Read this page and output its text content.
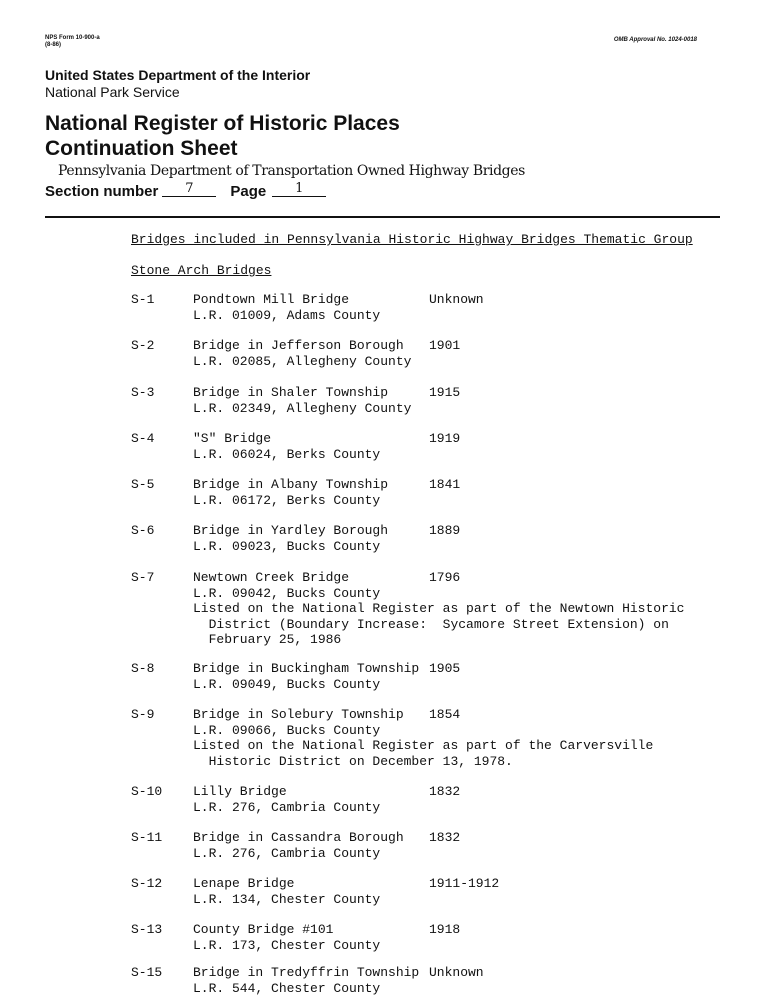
NPS Form 10-900-a
(8-86)
OMB Approval No. 1024-0018
United States Department of the Interior
National Park Service
National Register of Historic Places
Continuation Sheet
Pennsylvania Department of Transportation Owned Highway Bridges
Section number 7 Page 1
Bridges included in Pennsylvania Historic Highway Bridges Thematic Group
Stone Arch Bridges
S-1	Pondtown Mill Bridge	Unknown
L.R. 01009, Adams County
S-2	Bridge in Jefferson Borough 1901
L.R. 02085, Allegheny County
S-3	Bridge in Shaler Township	1915
L.R. 02349, Allegheny County
S-4	"S" Bridge	1919
L.R. 06024, Berks County
S-5	Bridge in Albany Township	1841
L.R. 06172, Berks County
S-6	Bridge in Yardley Borough	1889
L.R. 09023, Bucks County
S-7	Newtown Creek Bridge	1796
L.R. 09042, Bucks County
Listed on the National Register as part of the Newtown Historic
District (Boundary Increase:  Sycamore Street Extension) on
February 25, 1986
S-8	Bridge in Buckingham Township 1905
L.R. 09049, Bucks County
S-9	Bridge in Solebury Township 1854
L.R. 09066, Bucks County
Listed on the National Register as part of the Carversville
Historic District on December 13, 1978.
S-10	Lilly Bridge	1832
L.R. 276, Cambria County
S-11	Bridge in Cassandra Borough 1832
L.R. 276, Cambria County
S-12	Lenape Bridge	1911-1912
L.R. 134, Chester County
S-13	County Bridge #101	1918
L.R. 173, Chester County
S-15	Bridge in Tredyffrin Township Unknown
L.R. 544, Chester County
